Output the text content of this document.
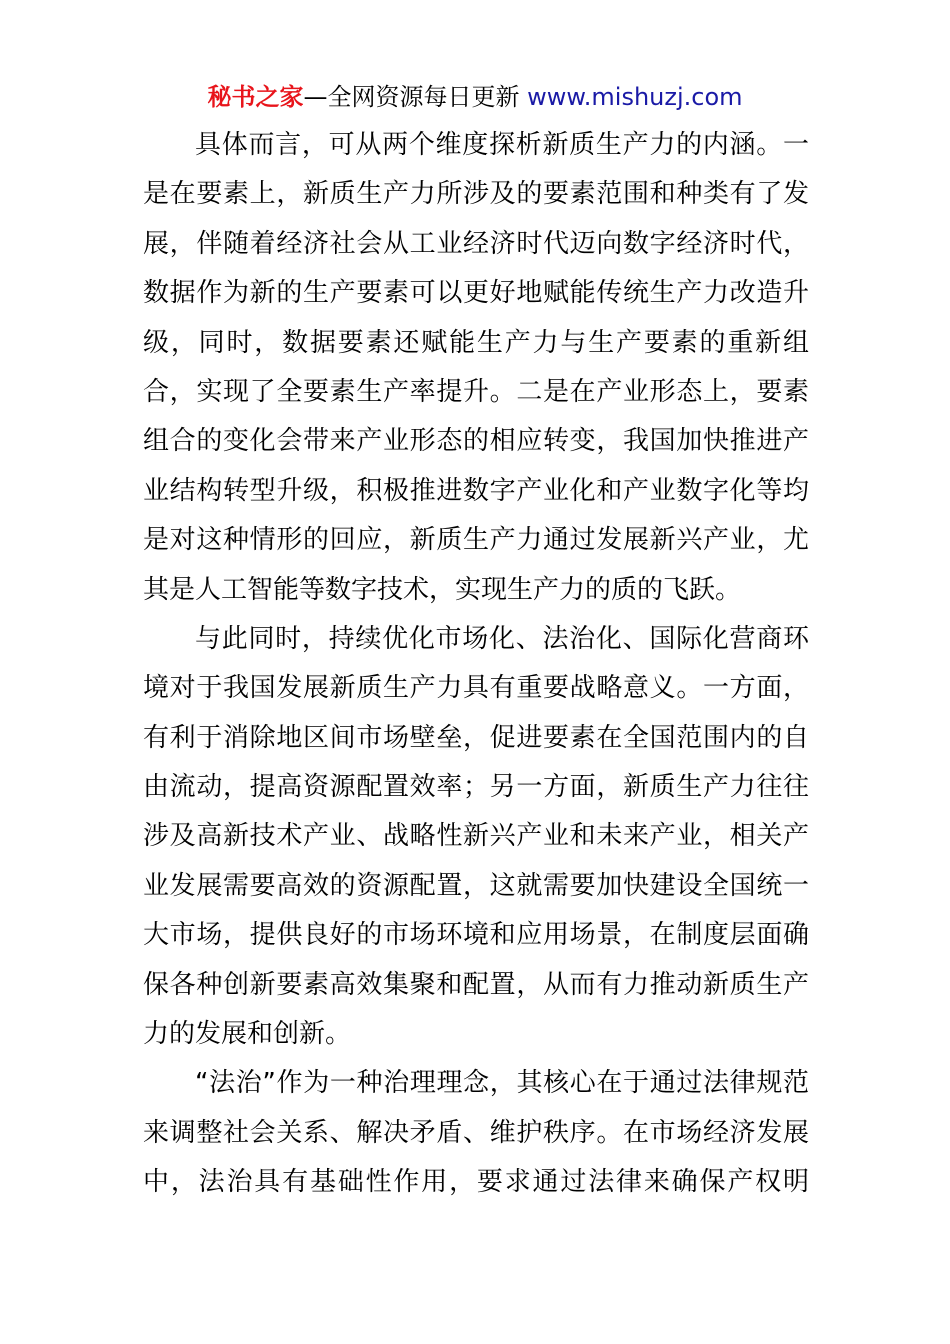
秘书之家—全网资源每日更新 www.mishuzj.com
具体而言，可从两个维度探析新质生产力的内涵。一
是在要素上，新质生产力所涉及的要素范围和种类有了发
展，伴随着经济社会从工业经济时代迈向数字经济时代，
数据作为新的生产要素可以更好地赋能传统生产力改造升
级，同时，数据要素还赋能生产力与生产要素的重新组
合，实现了全要素生产率提升。二是在产业形态上，要素
组合的变化会带来产业形态的相应转变，我国加快推进产
业结构转型升级，积极推进数字产业化和产业数字化等均
是对这种情形的回应，新质生产力通过发展新兴产业，尤
其是人工智能等数字技术，实现生产力的质的飞跃。
与此同时，持续优化市场化、法治化、国际化营商环
境对于我国发展新质生产力具有重要战略意义。一方面，
有利于消除地区间市场壁垒，促进要素在全国范围内的自
由流动，提高资源配置效率；另一方面，新质生产力往往
涉及高新技术产业、战略性新兴产业和未来产业，相关产
业发展需要高效的资源配置，这就需要加快建设全国统一
大市场，提供良好的市场环境和应用场景，在制度层面确
保各种创新要素高效集聚和配置，从而有力推动新质生产
力的发展和创新。
“法治”作为一种治理理念，其核心在于通过法律规范
来调整社会关系、解决矛盾、维护秩序。在市场经济发展
中，法治具有基础性作用，要求通过法律来确保产权明
